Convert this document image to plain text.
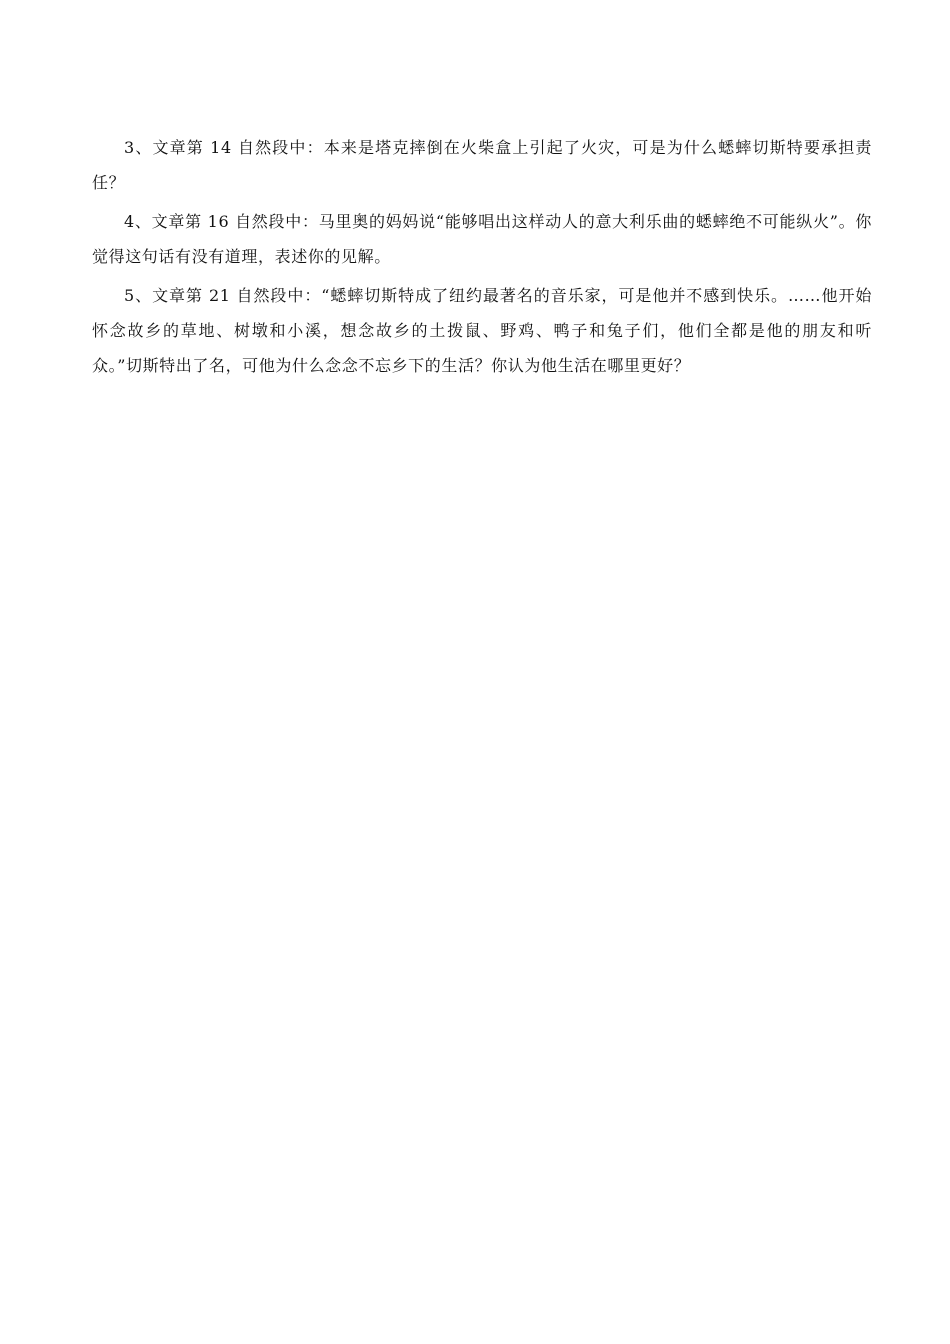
3、文章第 14 自然段中：本来是塔克摔倒在火柴盒上引起了火灾，可是为什么蟋蟀切斯特要承担责任？

4、文章第 16 自然段中：马里奥的妈妈说“能够唱出这样动人的意大利乐曲的蟋蟀绝不可能纵火”。你觉得这句话有没有道理，表述你的见解。

5、文章第 21 自然段中：“蟋蟀切斯特成了纽约最著名的音乐家，可是他并不感到快乐。……他开始怀念故乡的草地、树墩和小溪，想念故乡的土拨鼠、野鸡、鸭子和兔子们，他们全都是他的朋友和听众。”切斯特出了名，可他为什么念念不忘乡下的生活？你认为他生活在哪里更好？
